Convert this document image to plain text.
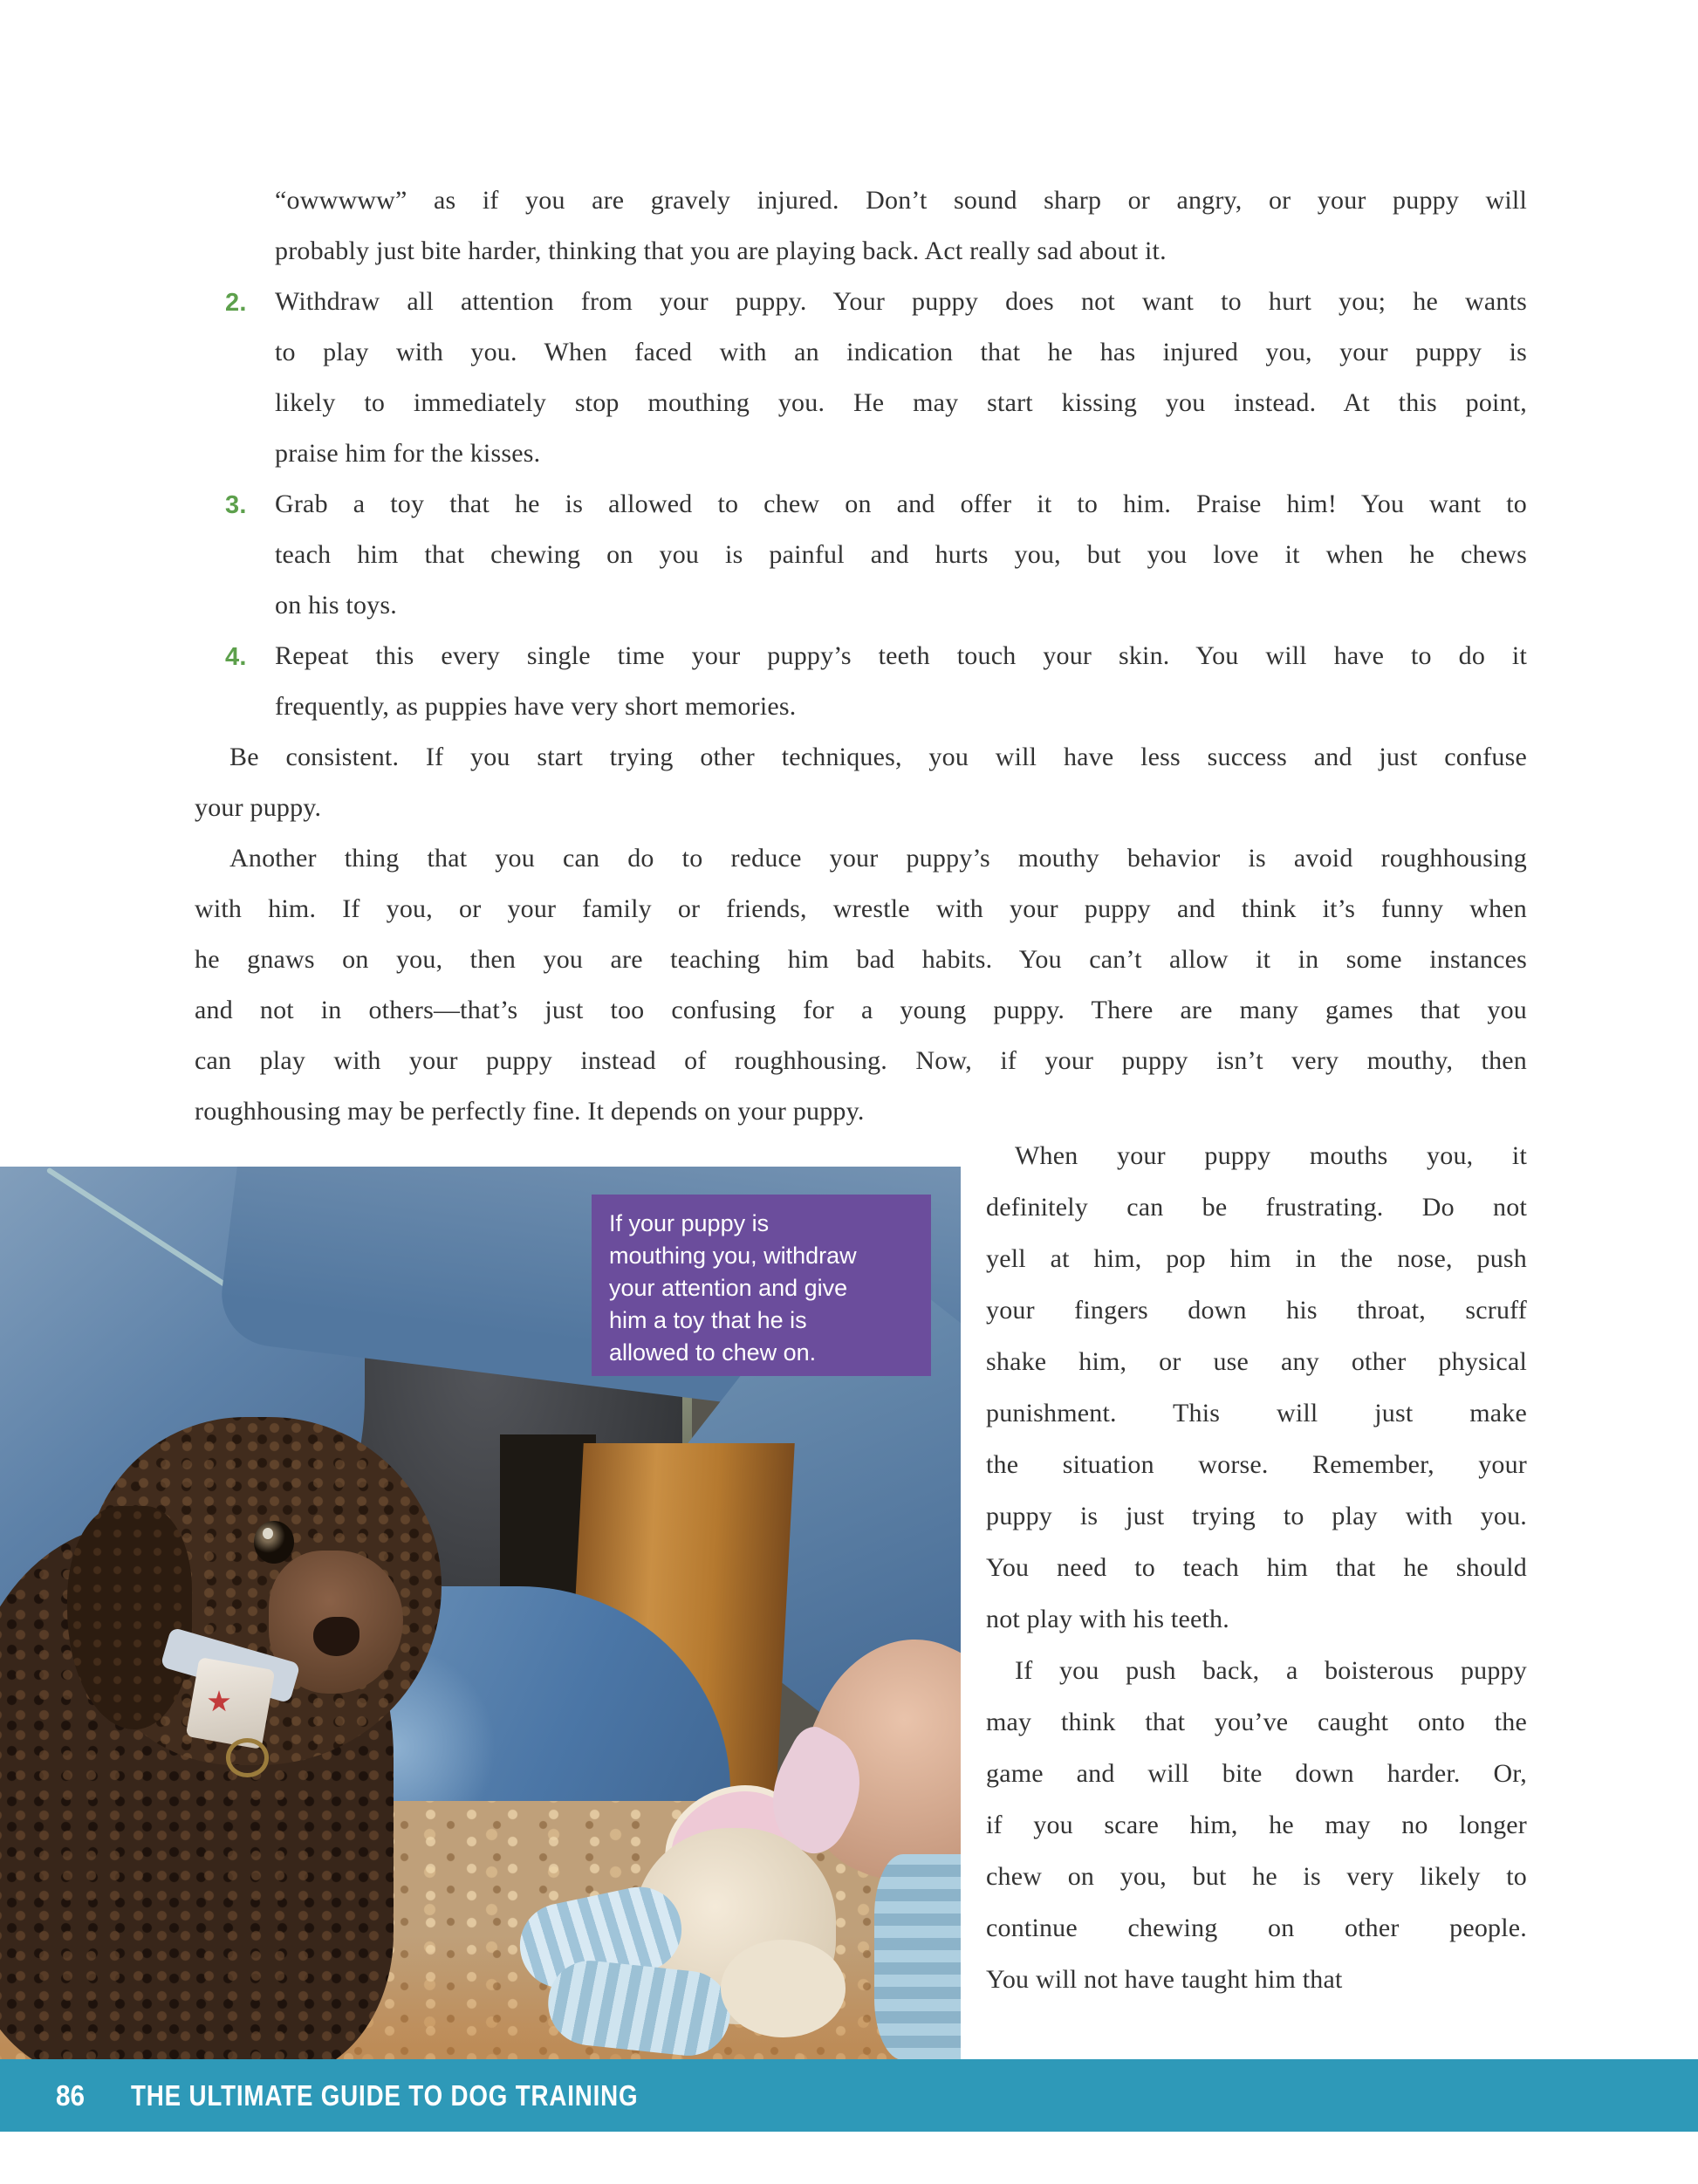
“owwwww” as if you are gravely injured. Don’t sound sharp or angry, or your puppy will
probably just bite harder, thinking that you are playing back. Act really sad about it.
2.	Withdraw all attention from your puppy. Your puppy does not want to hurt you; he wants
to play with you. When faced with an indication that he has injured you, your puppy is
likely to immediately stop mouthing you. He may start kissing you instead. At this point,
praise him for the kisses.
3.	Grab a toy that he is allowed to chew on and offer it to him. Praise him! You want to
teach him that chewing on you is painful and hurts you, but you love it when he chews
on his toys.
4.	Repeat this every single time your puppy’s teeth touch your skin. You will have to do it
frequently, as puppies have very short memories.
Be consistent. If you start trying other techniques, you will have less success and just confuse
your puppy.
Another thing that you can do to reduce your puppy’s mouthy behavior is avoid roughhousing
with him. If you, or your family or friends, wrestle with your puppy and think it’s funny when
he gnaws on you, then you are teaching him bad habits. You can’t allow it in some instances
and not in others—that’s just too confusing for a young puppy. There are many games that you
can play with your puppy instead of roughhousing. Now, if your puppy isn’t very mouthy, then
roughhousing may be perfectly fine. It depends on your puppy.
When your puppy mouths you, it
definitely can be frustrating. Do not
yell at him, pop him in the nose, push
your fingers down his throat, scruff
shake him, or use any other physical
punishment. This will just make
the situation worse. Remember, your
puppy is just trying to play with you.
You need to teach him that he should
not play with his teeth.
If you push back, a boisterous puppy
may think that you’ve caught onto the
game and will bite down harder. Or,
if you scare him, he may no longer
chew on you, but he is very likely to
continue chewing on other people.
You will not have taught him that
If your puppy is
mouthing you, withdraw
your attention and give
him a toy that he is
allowed to chew on.
86 THE ULTIMATE GUIDE TO DOG TRAINING
